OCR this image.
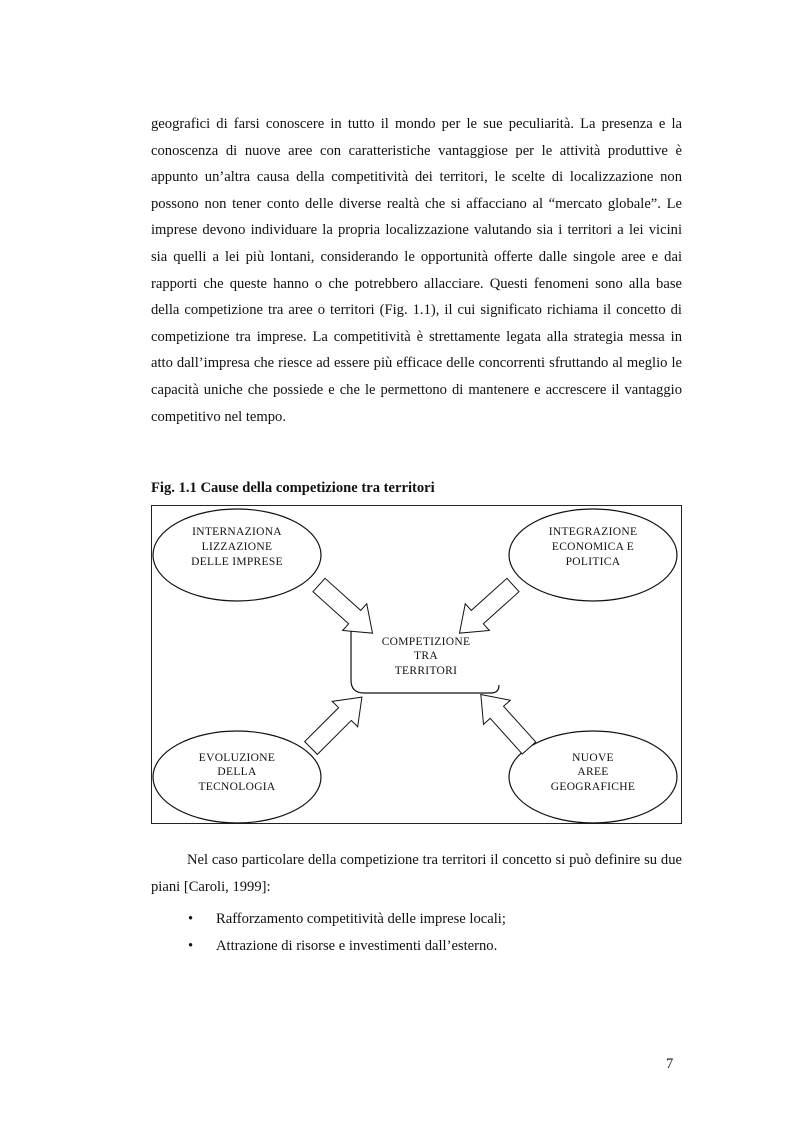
geografici di farsi conoscere in tutto il mondo per le sue peculiarità. La presenza e la conoscenza di nuove aree con caratteristiche vantaggiose per le attività produttive è appunto un’altra causa della competitività dei territori, le scelte di localizzazione non possono non tener conto delle diverse realtà che si affacciano al “mercato globale”. Le imprese devono individuare la propria localizzazione valutando sia i territori a lei vicini sia quelli a lei più lontani, considerando le opportunità offerte dalle singole aree e dai rapporti che queste hanno o che potrebbero allacciare. Questi fenomeni sono alla base della competizione tra aree o territori (Fig. 1.1), il cui significato richiama il concetto di competizione tra imprese. La competitività è strettamente legata alla strategia messa in atto dall’impresa che riesce ad essere più efficace delle concorrenti sfruttando al meglio le capacità uniche che possiede e che le permettono di mantenere e accrescere il vantaggio competitivo nel tempo.

Fig. 1.1 Cause della competizione tra territori

INTERNAZIONA
LIZZAZIONE
DELLE IMPRESE
INTEGRAZIONE
ECONOMICA E
POLITICA
COMPETIZIONE
TRA
TERRITORI
EVOLUZIONE
DELLA
TECNOLOGIA
NUOVE
AREE
GEOGRAFICHE

Nel caso particolare della competizione tra territori il concetto si può definire su due piani [Caroli, 1999]:

• Rafforzamento competitività delle imprese locali;
• Attrazione di risorse e investimenti dall’esterno.
7
